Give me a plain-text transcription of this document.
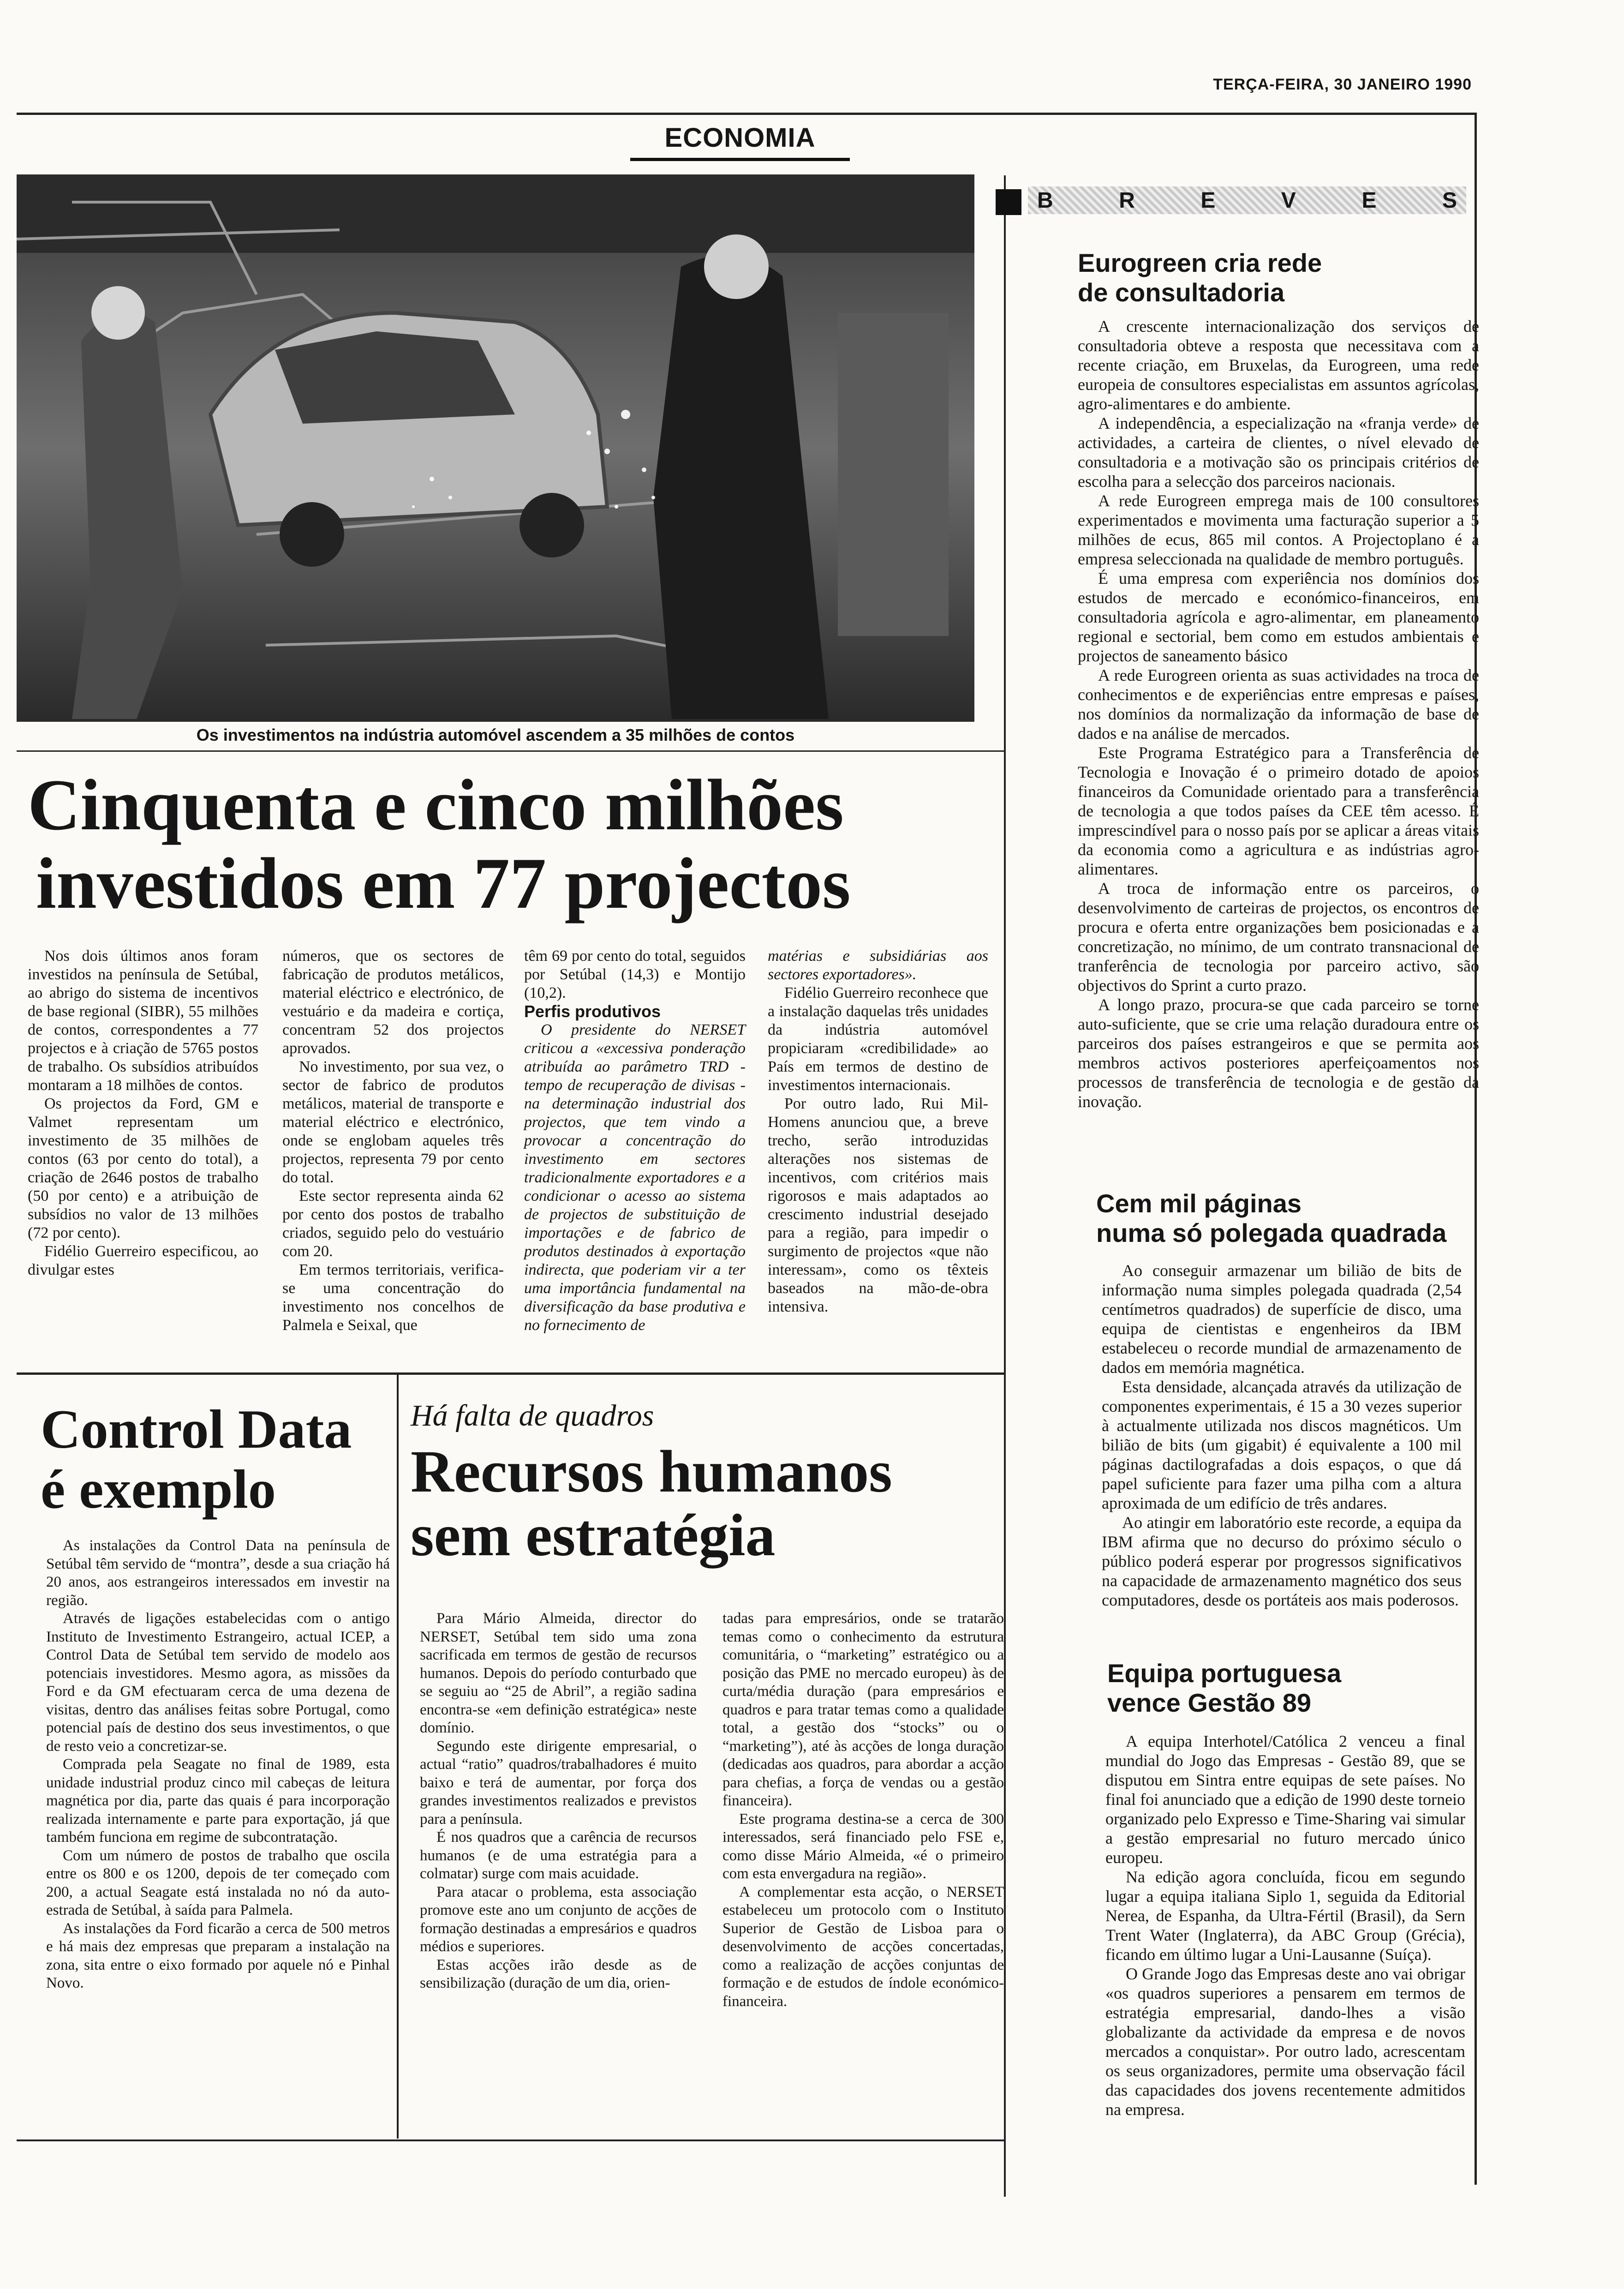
TERÇA-FEIRA, 30 JANEIRO 1990
ECONOMIA
Os investimentos na indústria automóvel ascendem a 35 milhões de contos
Cinquenta e cinco milhões
investidos em 77 projectos

Nos dois últimos anos foram investidos na península de Setúbal, ao abrigo do sistema de incentivos de base regional (SIBR), 55 milhões de contos, correspondentes a 77 projectos e à criação de 5765 postos de trabalho. Os subsídios atribuídos montaram a 18 milhões de contos.

Os projectos da Ford, GM e Valmet representam um investimento de 35 milhões de contos (63 por cento do total), a criação de 2646 postos de trabalho (50 por cento) e a atribuição de subsídios no valor de 13 milhões (72 por cento).

Fidélio Guerreiro especificou, ao divulgar estes

números, que os sectores de fabricação de produtos metálicos, material eléctrico e electrónico, de vestuário e da madeira e cortiça, concentram 52 dos projectos aprovados.

No investimento, por sua vez, o sector de fabrico de produtos metálicos, material de transporte e material eléctrico e electrónico, onde se englobam aqueles três projectos, representa 79 por cento do total.

Este sector representa ainda 62 por cento dos postos de trabalho criados, seguido pelo do vestuário com 20.

Em termos territoriais, verifica-se uma concentração do investimento nos concelhos de Palmela e Seixal, que

têm 69 por cento do total, seguidos por Setúbal (14,3) e Montijo (10,2).

Perfis produtivos

O presidente do NERSET criticou a «excessiva ponderação atribuída ao parâmetro TRD - tempo de recuperação de divisas - na determinação industrial dos projectos, que tem vindo a provocar a concentração do investimento em sectores tradicionalmente exportadores e a condicionar o acesso ao sistema de projectos de substituição de importações e de fabrico de produtos destinados à exportação indirecta, que poderiam vir a ter uma importância fundamental na diversificação da base produtiva e no fornecimento de

matérias e subsidiárias aos sectores exportadores».

Fidélio Guerreiro reconhece que a instalação daquelas três unidades da indústria automóvel propiciaram «credibilidade» ao País em termos de destino de investimentos internacionais.

Por outro lado, Rui Mil-Homens anunciou que, a breve trecho, serão introduzidas alterações nos sistemas de incentivos, com critérios mais rigorosos e mais adaptados ao crescimento industrial desejado para a região, para impedir o surgimento de projectos «que não interessam», como os têxteis baseados na mão-de-obra intensiva.

Control Data
é exemplo

As instalações da Control Data na península de Setúbal têm servido de “montra”, desde a sua criação há 20 anos, aos estrangeiros interessados em investir na região.

Através de ligações estabelecidas com o antigo Instituto de Investimento Estrangeiro, actual ICEP, a Control Data de Setúbal tem servido de modelo aos potenciais investidores. Mesmo agora, as missões da Ford e da GM efectuaram cerca de uma dezena de visitas, dentro das análises feitas sobre Portugal, como potencial país de destino dos seus investimentos, o que de resto veio a concretizar-se.

Comprada pela Seagate no final de 1989, esta unidade industrial produz cinco mil cabeças de leitura magnética por dia, parte das quais é para incorporação realizada internamente e parte para exportação, já que também funciona em regime de subcontratação.

Com um número de postos de trabalho que oscila entre os 800 e os 1200, depois de ter começado com 200, a actual Seagate está instalada no nó da auto-estrada de Setúbal, à saída para Palmela.

As instalações da Ford ficarão a cerca de 500 metros e há mais dez empresas que preparam a instalação na zona, sita entre o eixo formado por aquele nó e Pinhal Novo.

Há falta de quadros
Recursos humanos
sem estratégia

Para Mário Almeida, director do NERSET, Setúbal tem sido uma zona sacrificada em termos de gestão de recursos humanos. Depois do período conturbado que se seguiu ao “25 de Abril”, a região sadina encontra-se «em definição estratégica» neste domínio.

Segundo este dirigente empresarial, o actual “ratio” quadros/trabalhadores é muito baixo e terá de aumentar, por força dos grandes investimentos realizados e previstos para a península.

É nos quadros que a carência de recursos humanos (e de uma estratégia para a colmatar) surge com mais acuidade.

Para atacar o problema, esta associação promove este ano um conjunto de acções de formação destinadas a empresários e quadros médios e superiores.

Estas acções irão desde as de sensibilização (duração de um dia, orien-

tadas para empresários, onde se tratarão temas como o conhecimento da estrutura comunitária, o “marketing” estratégico ou a posição das PME no mercado europeu) às de curta/média duração (para empresários e quadros e para tratar temas como a qualidade total, a gestão dos “stocks” ou o “marketing”), até às acções de longa duração (dedicadas aos quadros, para abordar a acção para chefias, a força de vendas ou a gestão financeira).

Este programa destina-se a cerca de 300 interessados, será financiado pelo FSE e, como disse Mário Almeida, «é o primeiro com esta envergadura na região».

A complementar esta acção, o NERSET estabeleceu um protocolo com o Instituto Superior de Gestão de Lisboa para o desenvolvimento de acções concertadas, como a realização de acções conjuntas de formação e de estudos de índole económico-financeira.

B	R	E	V	E	S
Eurogreen cria rede
de consultadoria

A crescente internacionalização dos serviços de consultadoria obteve a resposta que necessitava com a recente criação, em Bruxelas, da Eurogreen, uma rede europeia de consultores especialistas em assuntos agrícolas, agro-alimentares e do ambiente.

A independência, a especialização na «franja verde» de actividades, a carteira de clientes, o nível elevado de consultadoria e a motivação são os principais critérios de escolha para a selecção dos parceiros nacionais.

A rede Eurogreen emprega mais de 100 consultores experimentados e movimenta uma facturação superior a 5 milhões de ecus, 865 mil contos. A Projectoplano é a empresa seleccionada na qualidade de membro português.

É uma empresa com experiência nos domínios dos estudos de mercado e económico-financeiros, em consultadoria agrícola e agro-alimentar, em planeamento regional e sectorial, bem como em estudos ambientais e projectos de saneamento básico

A rede Eurogreen orienta as suas actividades na troca de conhecimentos e de experiências entre empresas e países, nos domínios da normalização da informação de base de dados e na análise de mercados.

Este Programa Estratégico para a Transferência de Tecnologia e Inovação é o primeiro dotado de apoios financeiros da Comunidade orientado para a transferência de tecnologia a que todos países da CEE têm acesso. É imprescindível para o nosso país por se aplicar a áreas vitais da economia como a agricultura e as indústrias agro-alimentares.

A troca de informação entre os parceiros, o desenvolvimento de carteiras de projectos, os encontros de procura e oferta entre organizações bem posicionadas e a concretização, no mínimo, de um contrato transnacional de tranferência de tecnologia por parceiro activo, são objectivos do Sprint a curto prazo.

A longo prazo, procura-se que cada parceiro se torne auto-suficiente, que se crie uma relação duradoura entre os parceiros dos países estrangeiros e que se permita aos membros activos posteriores aperfeiçoamentos nos processos de transferência de tecnologia e de gestão da inovação.

Cem mil páginas
numa só polegada quadrada

Ao conseguir armazenar um bilião de bits de informação numa simples polegada quadrada (2,54 centímetros quadrados) de superfície de disco, uma equipa de cientistas e engenheiros da IBM estabeleceu o recorde mundial de armazenamento de dados em memória magnética.

Esta densidade, alcançada através da utilização de componentes experimentais, é 15 a 30 vezes superior à actualmente utilizada nos discos magnéticos. Um bilião de bits (um gigabit) é equivalente a 100 mil páginas dactilografadas a dois espaços, o que dá papel suficiente para fazer uma pilha com a altura aproximada de um edifício de três andares.

Ao atingir em laboratório este recorde, a equipa da IBM afirma que no decurso do próximo século o público poderá esperar por progressos significativos na capacidade de armazenamento magnético dos seus computadores, desde os portáteis aos mais poderosos.

Equipa portuguesa
vence Gestão 89

A equipa Interhotel/Católica 2 venceu a final mundial do Jogo das Empresas - Gestão 89, que se disputou em Sintra entre equipas de sete países. No final foi anunciado que a edição de 1990 deste torneio organizado pelo Expresso e Time-Sharing vai simular a gestão empresarial no futuro mercado único europeu.

Na edição agora concluída, ficou em segundo lugar a equipa italiana Siplo 1, seguida da Editorial Nerea, de Espanha, da Ultra-Fértil (Brasil), da Sern Trent Water (Inglaterra), da ABC Group (Grécia), ficando em último lugar a Uni-Lausanne (Suíça).

O Grande Jogo das Empresas deste ano vai obrigar «os quadros superiores a pensarem em termos de estratégia empresarial, dando-lhes a visão globalizante da actividade da empresa e de novos mercados a conquistar». Por outro lado, acrescentam os seus organizadores, permite uma observação fácil das capacidades dos jovens recentemente admitidos na empresa.
